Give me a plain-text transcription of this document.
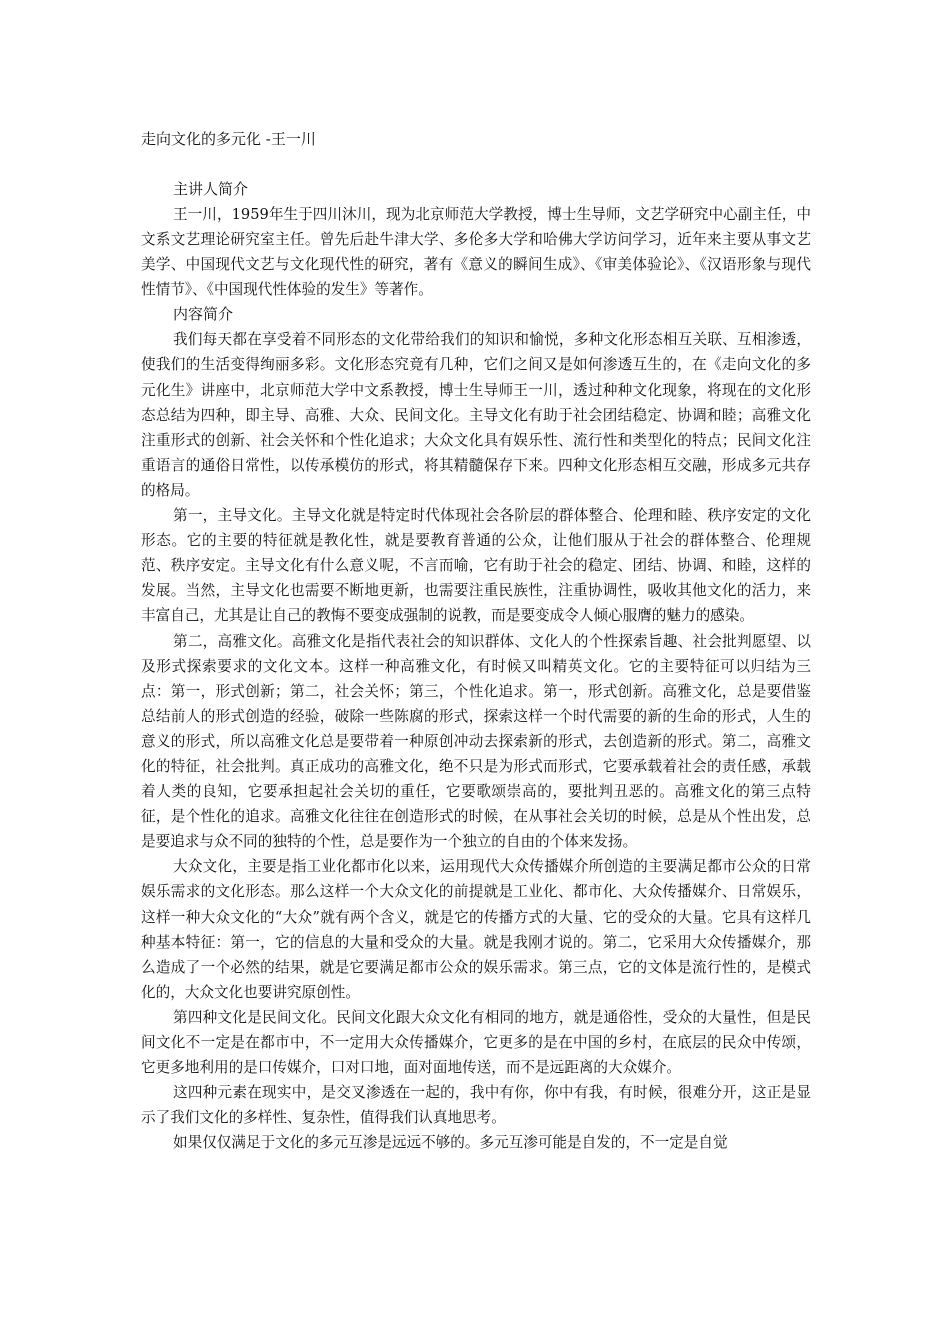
走向文化的多元化 -王一川

主讲人简介

王一川，1959年生于四川沐川，现为北京师范大学教授，博士生导师，文艺学研究中心副主任，中文系文艺理论研究室主任。曾先后赴牛津大学、多伦多大学和哈佛大学访问学习，近年来主要从事文艺美学、中国现代文艺与文化现代性的研究，著有《意义的瞬间生成》、《审美体验论》、《汉语形象与现代性情节》、《中国现代性体验的发生》等著作。

内容简介

我们每天都在享受着不同形态的文化带给我们的知识和愉悦，多种文化形态相互关联、互相渗透，使我们的生活变得绚丽多彩。文化形态究竟有几种，它们之间又是如何渗透互生的，在《走向文化的多元化生》讲座中，北京师范大学中文系教授，博士生导师王一川，透过种种文化现象，将现在的文化形态总结为四种，即主导、高雅、大众、民间文化。主导文化有助于社会团结稳定、协调和睦；高雅文化注重形式的创新、社会关怀和个性化追求；大众文化具有娱乐性、流行性和类型化的特点；民间文化注重语言的通俗日常性，以传承模仿的形式，将其精髓保存下来。四种文化形态相互交融，形成多元共存的格局。

第一，主导文化。主导文化就是特定时代体现社会各阶层的群体整合、伦理和睦、秩序安定的文化形态。它的主要的特征就是教化性，就是要教育普通的公众，让他们服从于社会的群体整合、伦理规范、秩序安定。主导文化有什么意义呢，不言而喻，它有助于社会的稳定、团结、协调、和睦，这样的发展。当然，主导文化也需要不断地更新，也需要注重民族性，注重协调性，吸收其他文化的活力，来丰富自己，尤其是让自己的教悔不要变成强制的说教，而是要变成令人倾心服膺的魅力的感染。

第二，高雅文化。高雅文化是指代表社会的知识群体、文化人的个性探索旨趣、社会批判愿望、以及形式探索要求的文化文本。这样一种高雅文化，有时候又叫精英文化。它的主要特征可以归结为三点：第一，形式创新；第二，社会关怀；第三，个性化追求。第一，形式创新。高雅文化，总是要借鉴总结前人的形式创造的经验，破除一些陈腐的形式，探索这样一个时代需要的新的生命的形式，人生的意义的形式，所以高雅文化总是要带着一种原创冲动去探索新的形式，去创造新的形式。第二，高雅文化的特征，社会批判。真正成功的高雅文化，绝不只是为形式而形式，它要承载着社会的责任感，承载着人类的良知，它要承担起社会关切的重任，它要歌颂崇高的，要批判丑恶的。高雅文化的第三点特征，是个性化的追求。高雅文化往往在创造形式的时候，在从事社会关切的时候，总是从个性出发，总是要追求与众不同的独特的个性，总是要作为一个独立的自由的个体来发扬。

大众文化，主要是指工业化都市化以来，运用现代大众传播媒介所创造的主要满足都市公众的日常娱乐需求的文化形态。那么这样一个大众文化的前提就是工业化、都市化、大众传播媒介、日常娱乐，这样一种大众文化的“大众”就有两个含义，就是它的传播方式的大量、它的受众的大量。它具有这样几种基本特征：第一，它的信息的大量和受众的大量。就是我刚才说的。第二，它采用大众传播媒介，那么造成了一个必然的结果，就是它要满足都市公众的娱乐需求。第三点，它的文体是流行性的，是模式化的，大众文化也要讲究原创性。

第四种文化是民间文化。民间文化跟大众文化有相同的地方，就是通俗性，受众的大量性，但是民间文化不一定是在都市中，不一定用大众传播媒介，它更多的是在中国的乡村，在底层的民众中传颂，它更多地利用的是口传媒介，口对口地，面对面地传送，而不是远距离的大众媒介。

这四种元素在现实中，是交叉渗透在一起的，我中有你，你中有我，有时候，很难分开，这正是显示了我们文化的多样性、复杂性，值得我们认真地思考。

如果仅仅满足于文化的多元互渗是远远不够的。多元互渗可能是自发的，不一定是自觉
